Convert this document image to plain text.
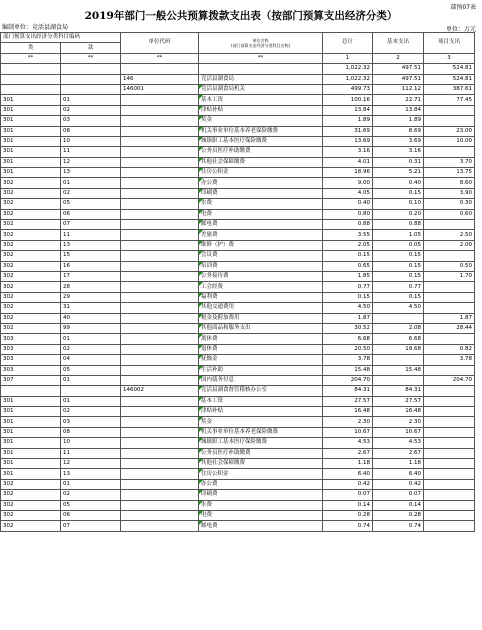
部预07表
2019年部门一般公共预算拨款支出表（按部门预算支出经济分类）
编制单位：竞活县湖食局	单位：万元
部门预算支出经济分类科目编码		单位代码	单位名称
(部门预算支出经济分类科目名称)	总计	基本支出	项目支出
类	款					
**	**	**	**	1	2	3
				1,022.32	497.51	524.81
		146	竞活县湖食局	1,022.32	497.51	524.81
		146001	竞活县湖食局机关	499.73	112.12	387.61
301	01		基本工资	100.16	22.71	77.45
301	02		津贴补贴	13.84	13.84	
301	03		奖金	1.89	1.89	
301	08		机关事业单位基本养老保险缴费	31.69	8.69	23.00
301	10		城镇职工基本医疗保险缴费	13.69	3.69	10.00
301	11		公务员医疗补助缴费	3.16	3.16	
301	12		其他社会保障缴费	4.01	0.31	3.70
301	13		住房公积金	18.96	5.21	13.75
302	01		办公费	9.00	0.40	8.60
302	02		印刷费	4.05	0.15	3.90
302	05		水费	0.40	0.10	0.30
302	06		电费	0.80	0.20	0.60
302	07		邮电费	0.88	0.88	
302	11		差旅费	3.55	1.05	2.50
302	13		维修（护）费	2.05	0.05	2.00
302	15		会议费	0.15	0.15	
302	16		培训费	0.65	0.15	0.50
302	17		公务接待费	1.85	0.15	1.70
302	28		工会经费	0.77	0.77	
302	29		福利费	0.15	0.15	
302	31		其他交通费用	4.50	4.50	
302	40		税金及附加费用	1.87		1.87
302	99		其他商品和服务支出	30.52	2.08	28.44
303	01		离休费	6.68	6.68	
303	02		退休费	20.50	19.68	0.82
303	04		抚恤金	3.78		3.78
303	05		生活补助	15.48	15.48	
307	01		国内债务付息	204.70		204.70
		146002	竞活县湖食督管稽核办公室	84.31	84.31	
301	01		基本工资	27.57	27.57	
301	02		津贴补贴	16.48	16.48	
301	03		奖金	2.30	2.30	
301	08		机关事业单位基本养老保险缴费	10.67	10.67	
301	10		城镇职工基本医疗保险缴费	4.53	4.53	
301	11		公务员医疗补助缴费	2.67	2.67	
301	12		其他社会保障缴费	1.18	1.18	
301	13		住房公积金	6.40	6.40	
302	01		办公费	0.42	0.42	
302	02		印刷费	0.07	0.07	
302	05		水费	0.14	0.14	
302	06		电费	0.28	0.28	
302	07		邮电费	0.74	0.74	
